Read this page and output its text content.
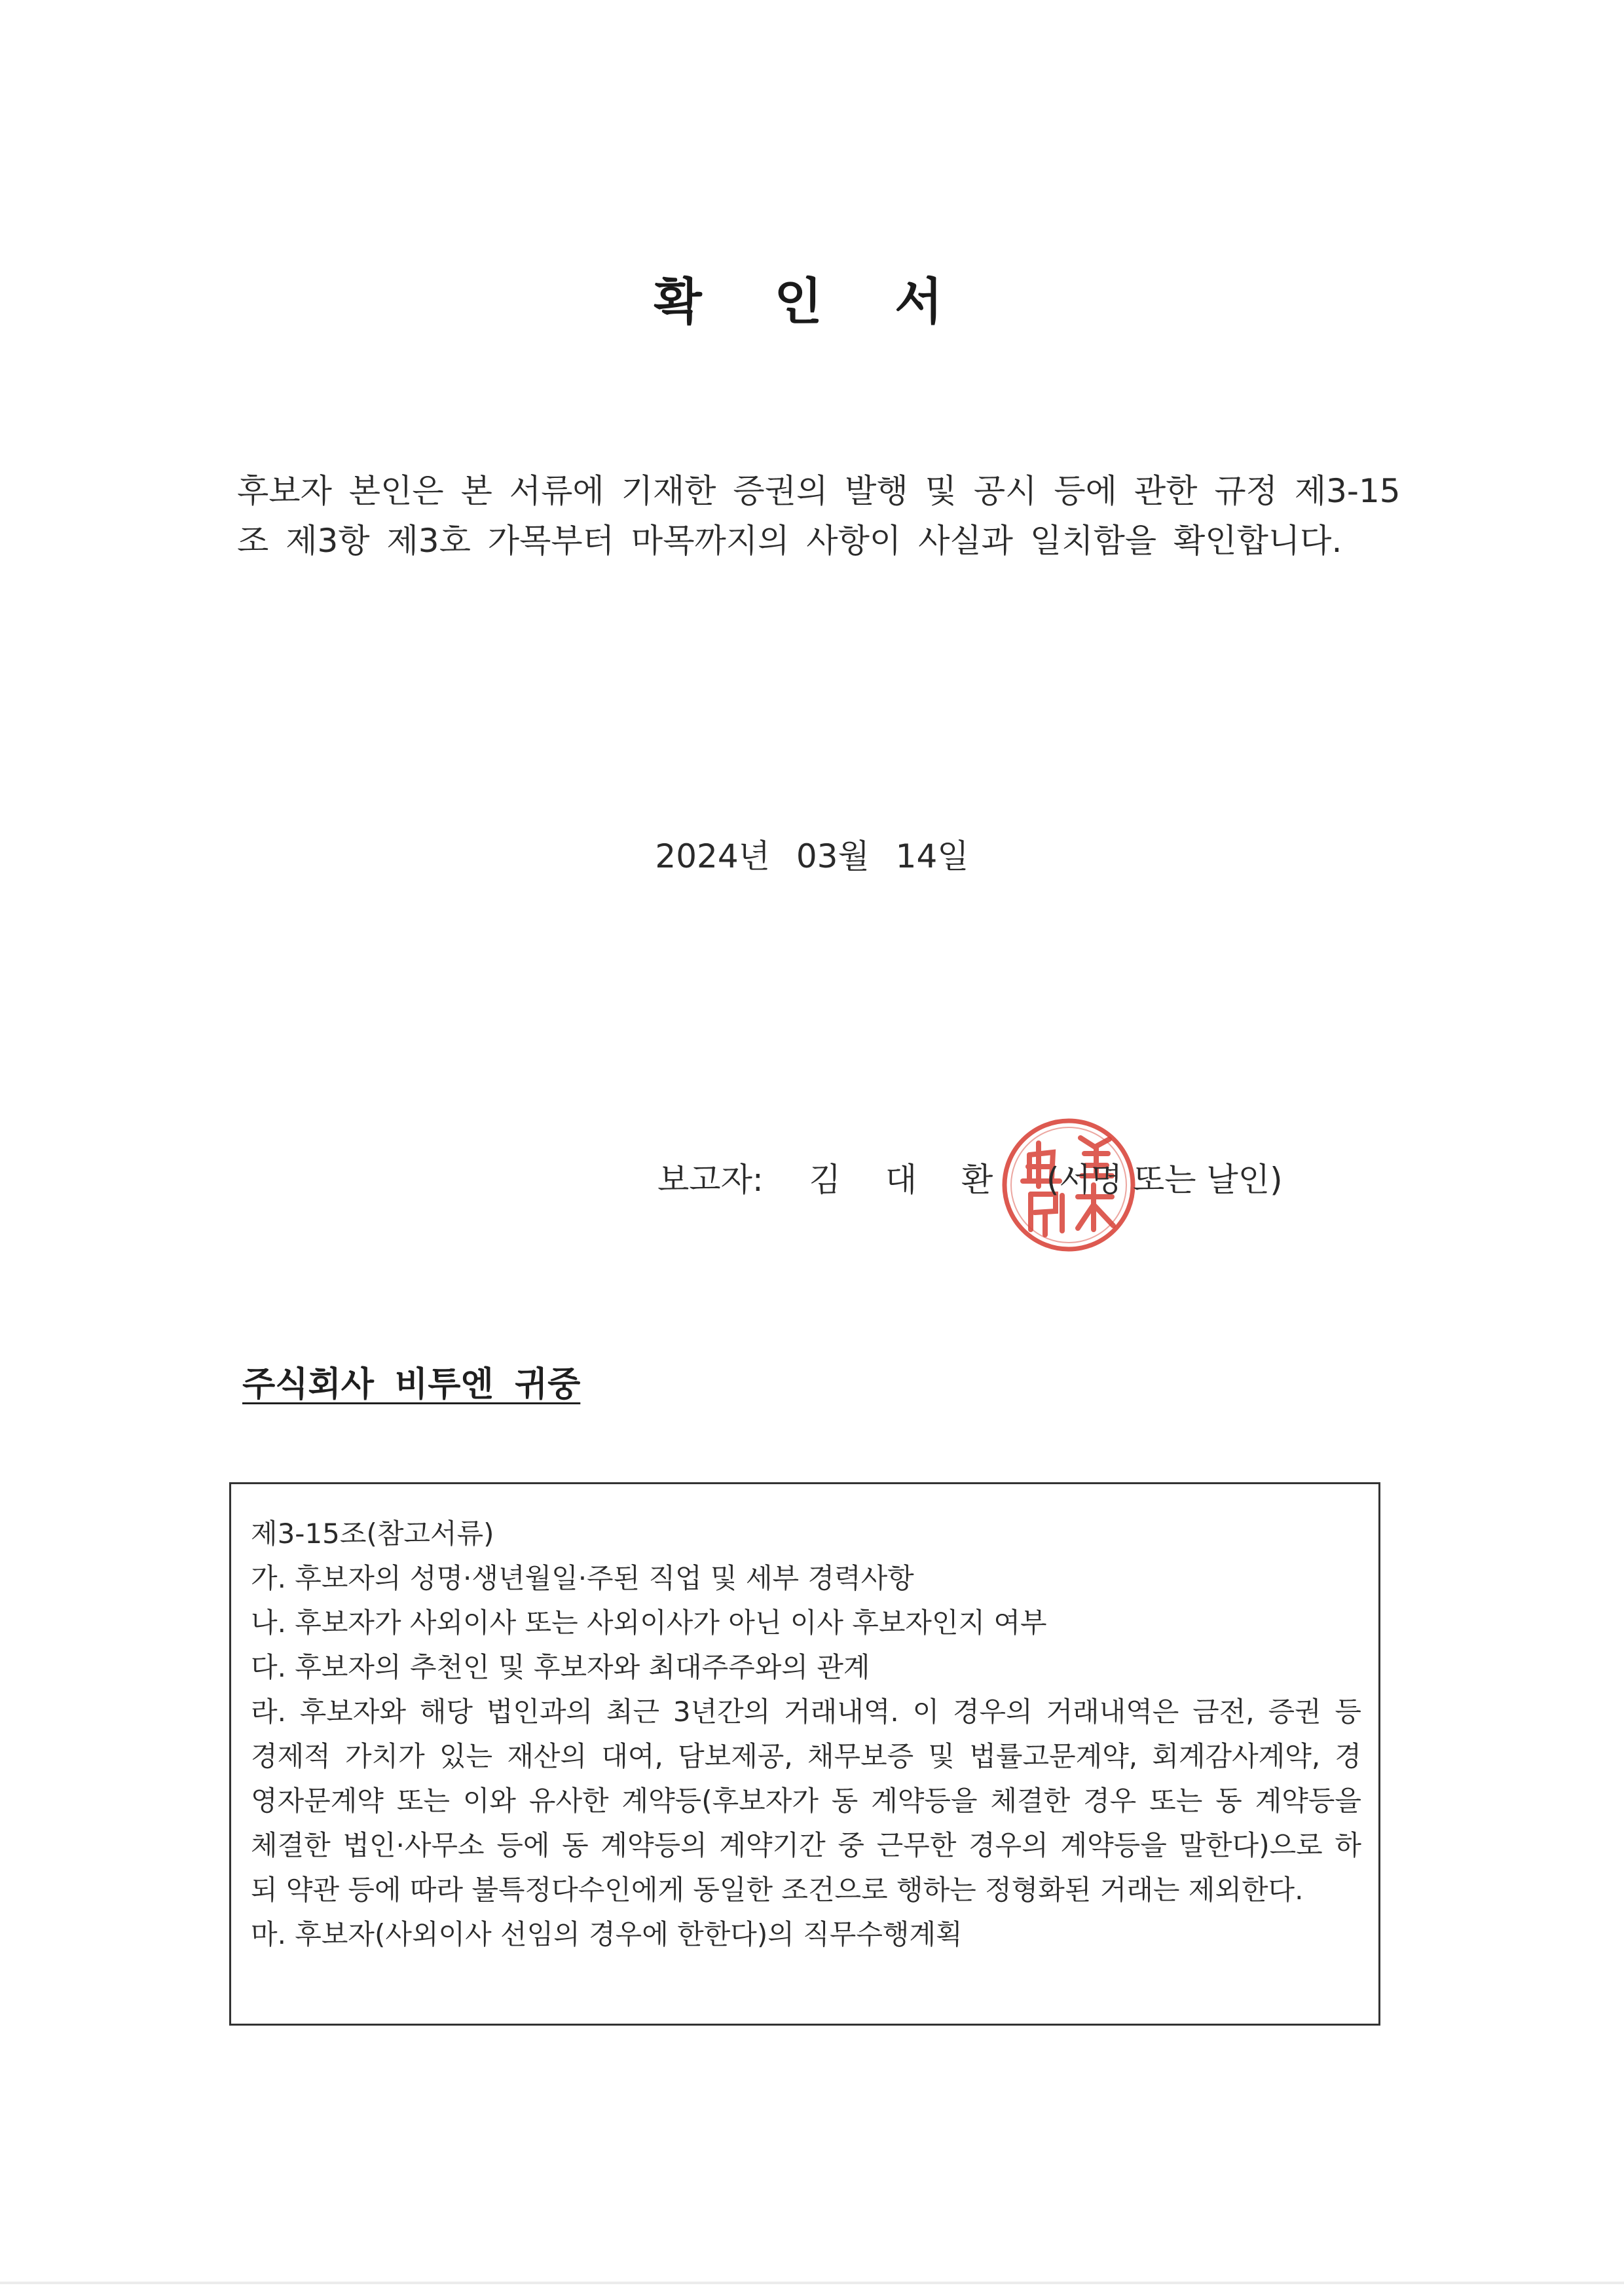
확 인 서
후보자 본인은 본 서류에 기재한 증권의 발행 및 공시 등에 관한 규정 제3-15
조 제3항 제3호 가목부터 마목까지의 사항이 사실과 일치함을 확인합니다.
2024년 03월 14일
보고자: 김 대 환 (서명 또는 날인)
주식회사 비투엔 귀중
제3-15조(참고서류)
가. 후보자의 성명·생년월일·주된 직업 및 세부 경력사항
나. 후보자가 사외이사 또는 사외이사가 아닌 이사 후보자인지 여부
다. 후보자의 추천인 및 후보자와 최대주주와의 관계
라. 후보자와 해당 법인과의 최근 3년간의 거래내역. 이 경우의 거래내역은 금전, 증권 등
경제적 가치가 있는 재산의 대여, 담보제공, 채무보증 및 법률고문계약, 회계감사계약, 경
영자문계약 또는 이와 유사한 계약등(후보자가 동 계약등을 체결한 경우 또는 동 계약등을
체결한 법인·사무소 등에 동 계약등의 계약기간 중 근무한 경우의 계약등을 말한다)으로 하
되 약관 등에 따라 불특정다수인에게 동일한 조건으로 행하는 정형화된 거래는 제외한다.
마. 후보자(사외이사 선임의 경우에 한한다)의 직무수행계획
